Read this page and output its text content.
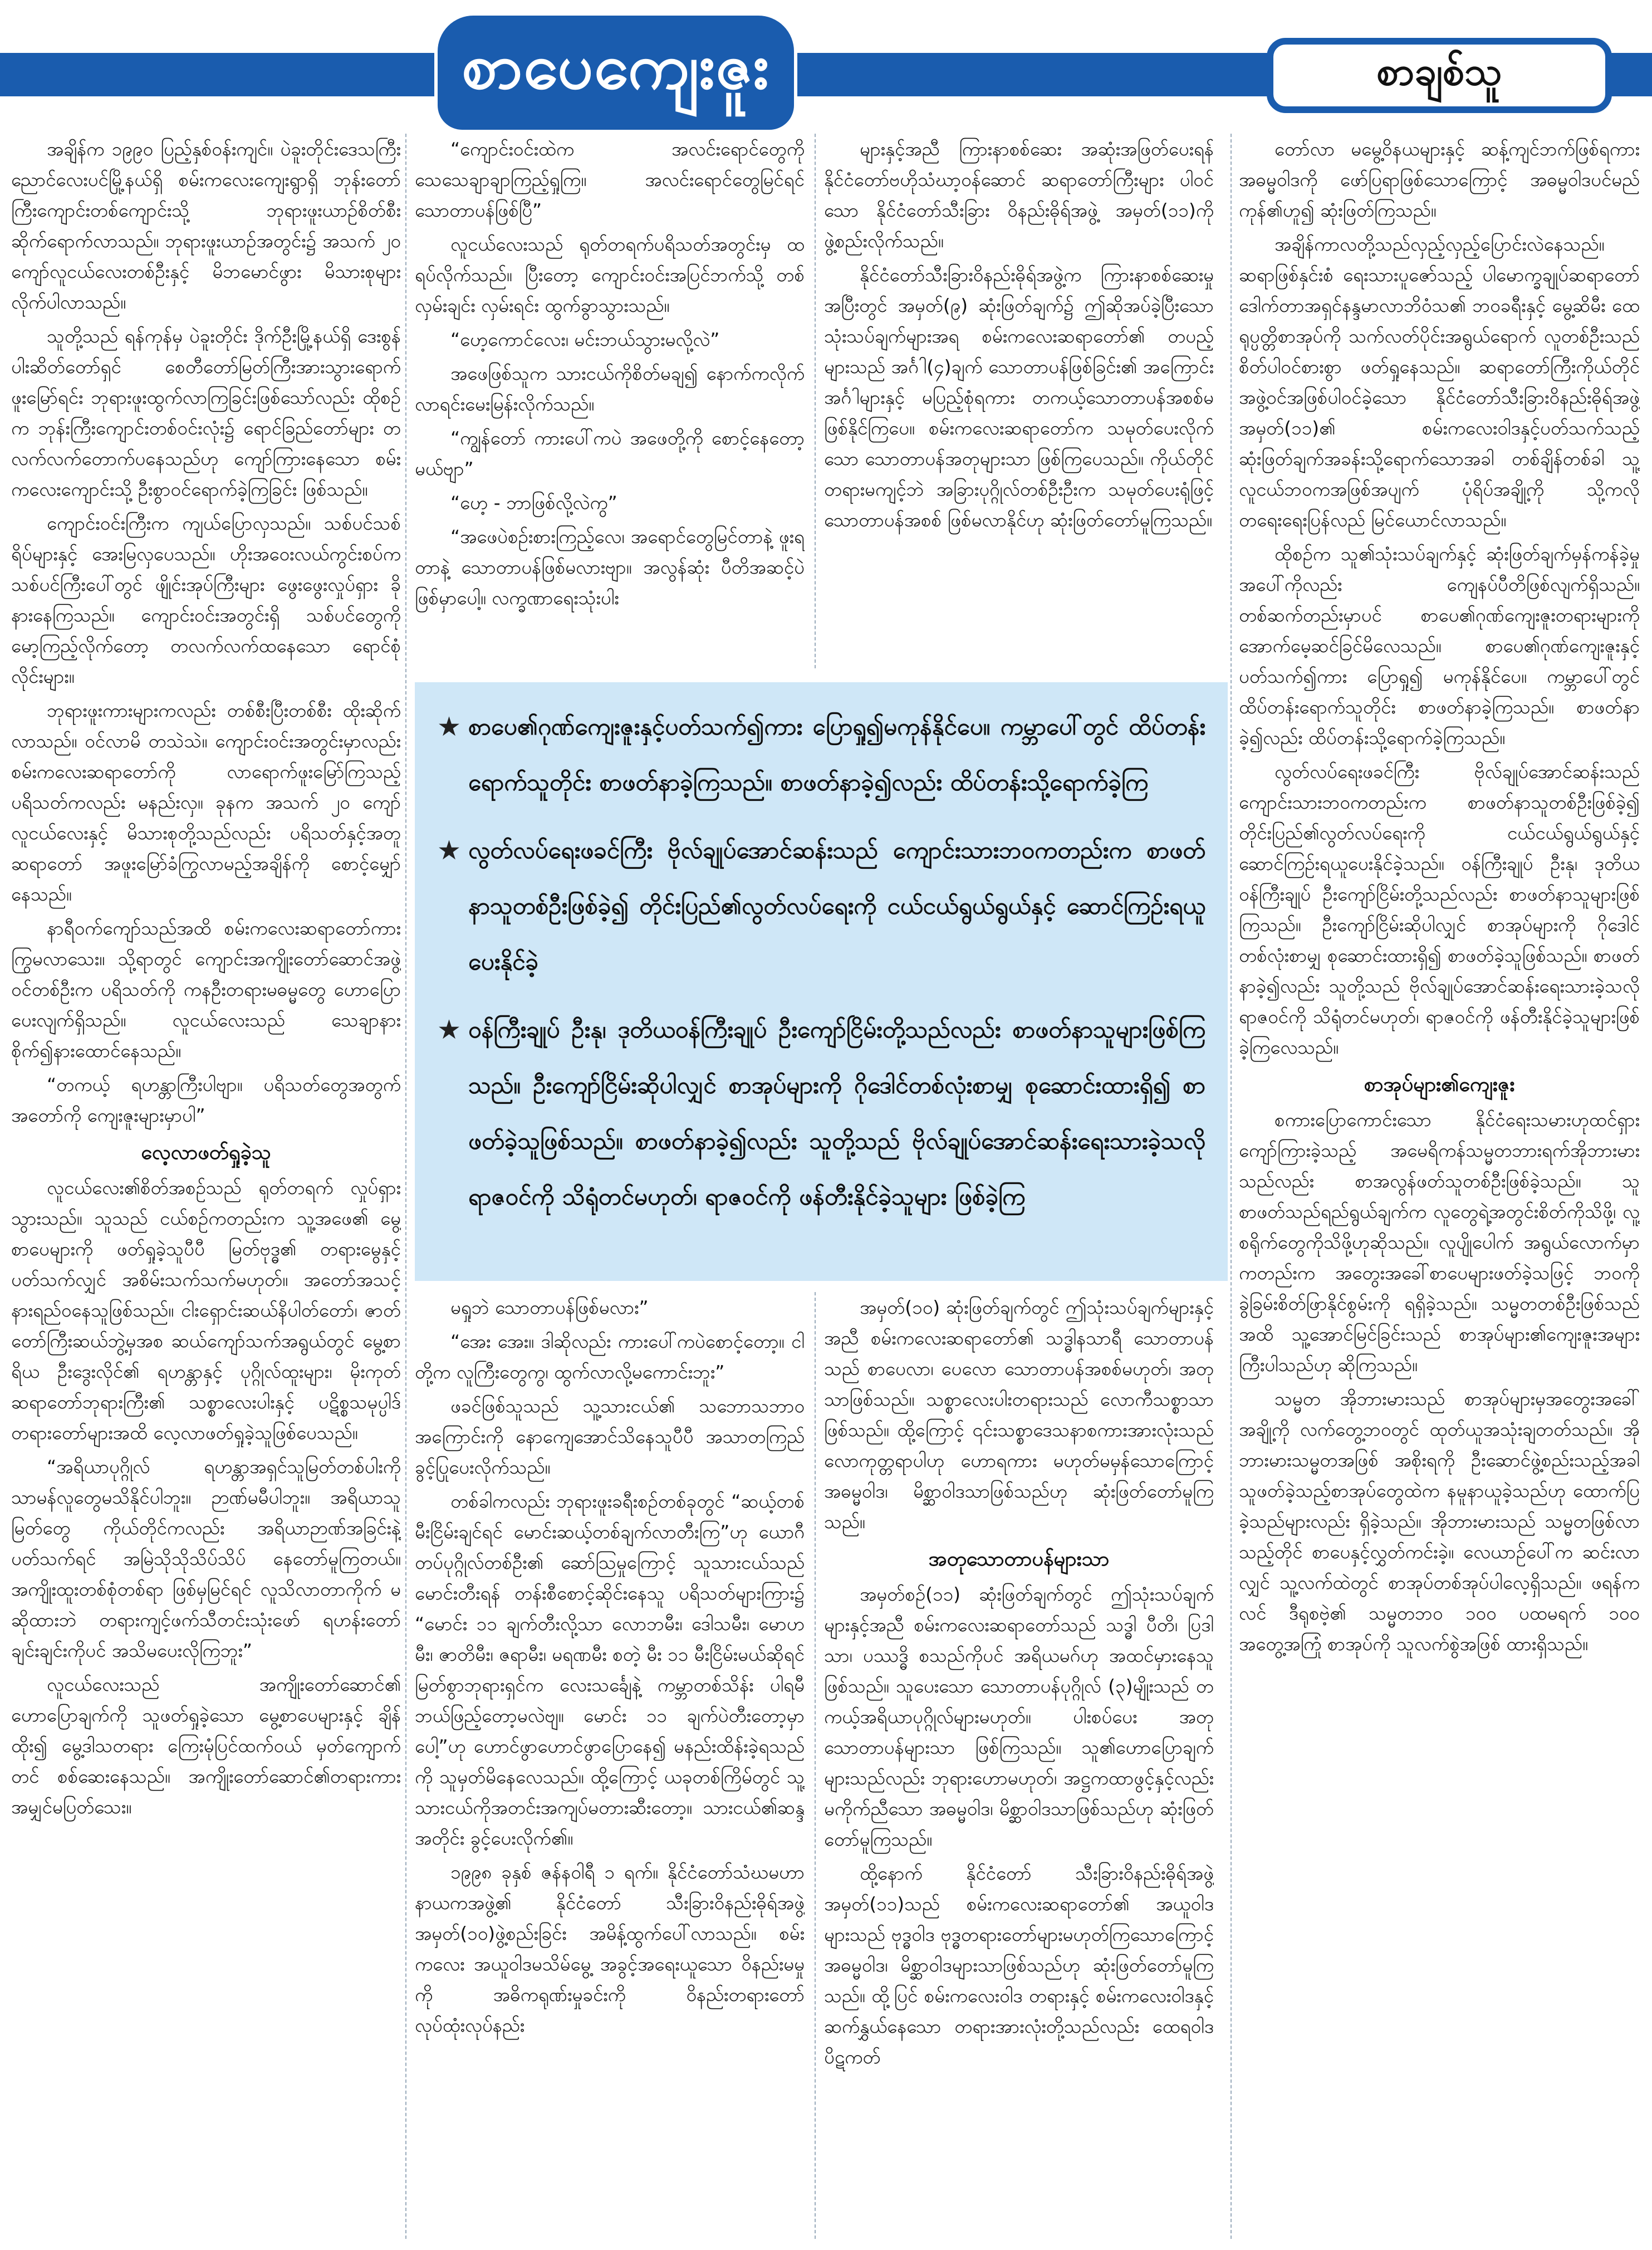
စာပေကျေးဇူး	စာချစ်သူ

အချိန်က ၁၉၉၀ ပြည့်နှစ်ဝန်းကျင်။ ပဲခူးတိုင်းဒေသကြီး ညောင်လေးပင်မြို့နယ်ရှိ စမ်းကလေးကျေးရွာရှိ ဘုန်းတော်ကြီးကျောင်းတစ်ကျောင်းသို့ ဘုရားဖူးယာဉ်စိတ်စီးဆိုက်ရောက်လာသည်။ ဘုရားဖူးယာဉ်အတွင်း၌ အသက် ၂၀ ကျော်လူငယ်လေးတစ်ဦးနှင့် မိဘမောင်ဖွား မိသားစုများ လိုက်ပါလာသည်။

သူတို့သည် ရန်ကုန်မှ ပဲခူးတိုင်း ဒိုက်ဦးမြို့နယ်ရှိ ဒေးစွန်ပါးဆိတ်တော်ရှင် စေတီတော်မြတ်ကြီးအားသွားရောက်ဖူးမြော်ရင်း ဘုရားဖူးထွက်လာကြခြင်းဖြစ်သော်လည်း ထိုစဉ်က ဘုန်းကြီးကျောင်းတစ်ဝင်းလုံး၌ ရောင်ခြည်တော်များ တလက်လက်တောက်ပနေသည်ဟု ကျော်ကြားနေသော စမ်းကလေးကျောင်းသို့ ဦးစွာဝင်ရောက်ခဲ့ကြခြင်း ဖြစ်သည်။

ကျောင်းဝင်းကြီးက ကျယ်ပြောလှသည်။ သစ်ပင်သစ်ရိပ်များနှင့် အေးမြလှပေသည်။ ဟိုးအဝေးလယ်ကွင်းစပ်က သစ်ပင်ကြီးပေါ်တွင် ဖျိုင်းအုပ်ကြီးများ ဖွေးဖွေးလှုပ်ရှား ခိုနားနေကြသည်။ ကျောင်းဝင်းအတွင်းရှိ သစ်ပင်တွေကို မော့ကြည့်လိုက်တော့ တလက်လက်ထနေသော ရောင်စုံလိုင်းများ။

ဘုရားဖူးကားများကလည်း တစ်စီးပြီးတစ်စီး ထိုးဆိုက်လာသည်။ ဝင်လာမိ တသဲသဲ။ ကျောင်းဝင်းအတွင်းမှာလည်း စမ်းကလေးဆရာတော်ကို လာရောက်ဖူးမြော်ကြသည့် ပရိသတ်ကလည်း မနည်းလှ။ ခုနက အသက် ၂၀ ကျော် လူငယ်လေးနှင့် မိသားစုတို့သည်လည်း ပရိသတ်နှင့်အတူ ဆရာတော် အဖူးမြော်ခံကြွလာမည့်အချိန်ကို စောင့်မျှော်နေသည်။

နာရီဝက်ကျော်သည်အထိ စမ်းကလေးဆရာတော်ကား ကြွမလာသေး။ သို့ရာတွင် ကျောင်းအကျိုးတော်ဆောင်အဖွဲ့ဝင်တစ်ဦးက ပရိသတ်ကို ကနဦးတရားမဓမ္မတွေ ဟောပြောပေးလျက်ရှိသည်။ လူငယ်လေးသည် သေချာနားစိုက်၍နားထောင်နေသည်။

“တကယ့် ရဟန္တာကြီးပါဗျာ။ ပရိသတ်တွေအတွက် အတော်ကို ကျေးဇူးများမှာပါ”

လေ့လာဖတ်ရှုခဲ့သူ

လူငယ်လေး၏စိတ်အစဉ်သည် ရုတ်တရက် လှုပ်ရှားသွားသည်။ သူသည် ငယ်စဉ်ကတည်းက သူ့အဖေ၏ မွေ့စာပေများကို ဖတ်ရှုခဲ့သူပီပီ မြတ်ဗုဒ္ဓ၏ တရားမွေနှင့်ပတ်သက်လျှင် အစိမ်းသက်သက်မဟုတ်။ အတော်အသင့် နားရည်ဝနေသူဖြစ်သည်။ ငါးရှောင်းဆယ်နိပါတ်တော်၊ ဇာတ်တော်ကြီးဆယ်ဘွဲ့မှအစ ဆယ်ကျော်သက်အရွယ်တွင် မွေ့စာရိယ ဦးဒွေးလိုင်၏ ရဟန္တာနှင့် ပုဂ္ဂိုလ်ထူးများ၊ မိုးကုတ်ဆရာတော်ဘုရားကြီး၏ သစ္စာလေးပါးနှင့် ပဋိစ္စသမုပ္ပါဒ်တရားတော်များအထိ လေ့လာဖတ်ရှုခဲ့သူဖြစ်ပေသည်။

“အရိယာပုဂ္ဂိုလ် ရဟန္တာအရှင်သူမြတ်တစ်ပါးကို သာမန်လူတွေမသိနိုင်ပါဘူး။ ဉာဏ်မမီပါဘူး။ အရိယာသူမြတ်တွေ ကိုယ်တိုင်ကလည်း အရိယာဉာဏ်အခြင်းနဲ့ပတ်သက်ရင် အမြဲသိုသိုသိပ်သိပ် နေတော်မူကြတယ်။ အကျိုးထူးတစ်စုံတစ်ရာ ဖြစ်မှမြင်ရင် လူသိလာတာကိုက် မဆိုထားဘဲ တရားကျင့်ဖက်သီတင်းသုံးဖော် ရဟန်းတော်ချင်းချင်းကိုပင် အသိမပေးလိုကြဘူး”

လူငယ်လေးသည် အကျိုးတော်ဆောင်၏ ဟောပြောချက်ကို သူဖတ်ရှုခဲ့သော မွေ့စာပေများနှင့် ချိန်ထိုး၍ မွေ့ဒါသတရား ကြေးမုံပြင်ထက်ဝယ် မှတ်ကျောက်တင် စစ်ဆေးနေသည်။ အကျိုးတော်ဆောင်၏တရားကား အမျှင်မပြတ်သေး။

“ကျောင်းဝင်းထဲက အလင်းရောင်တွေကို သေသေချာချာကြည့်ရှုကြ။ အလင်းရောင်တွေမြင်ရင် သောတာပန်ဖြစ်ပြီ”

လူငယ်လေးသည် ရုတ်တရက်ပရိသတ်အတွင်းမှ ထရပ်လိုက်သည်။ ပြီးတော့ ကျောင်းဝင်းအပြင်ဘက်သို့ တစ်လှမ်းချင်း လှမ်းရင်း ထွက်ခွာသွားသည်။

“ဟေ့ကောင်လေး၊ မင်းဘယ်သွားမလို့လဲ”

အဖေဖြစ်သူက သားငယ်ကိုစိတ်မချ၍ နောက်ကလိုက်လာရင်းမေးမြန်းလိုက်သည်။

“ကျွန်တော် ကားပေါ်ကပဲ အဖေတို့ကို စောင့်နေတော့မယ်ဗျာ”

“ဟေ့ - ဘာဖြစ်လို့လဲကွ”

“အဖေပဲစဉ်းစားကြည့်လေ၊ အရောင်တွေမြင်တာနဲ့ ဖူးရတာနဲ့ သောတာပန်ဖြစ်မလားဗျာ။ အလွန်ဆုံး ပီတိအဆင့်ပဲဖြစ်မှာပေါ့။ လက္ခဏာရေးသုံးပါး

များနှင့်အညီ ကြားနာစစ်ဆေး အဆုံးအဖြတ်ပေးရန် နိုင်ငံတော်ဗဟိုသံဃာ့ဝန်ဆောင် ဆရာတော်ကြီးများ ပါဝင်သော နိုင်ငံတော်သီးခြား ဝိနည်းဓိုရ်အဖွဲ့ အမှတ်(၁၁)ကို ဖွဲ့စည်းလိုက်သည်။

နိုင်ငံတော်သီးခြားဝိနည်းဓိုရ်အဖွဲ့က ကြားနာစစ်ဆေးမှုအပြီးတွင် အမှတ်(၉) ဆုံးဖြတ်ချက်၌ ဤဆိုအပ်ခဲ့ပြီးသော သုံးသပ်ချက်များအရ စမ်းကလေးဆရာတော်၏ တပည့်များသည် အင်္ဂါ(၄)ချက် သောတာပန်ဖြစ်ခြင်း၏ အကြောင်းအင်္ဂါများနှင့် မပြည့်စုံရကား တကယ့်သောတာပန်အစစ်မဖြစ်နိုင်ကြပေ။ စမ်းကလေးဆရာတော်က သမုတ်ပေးလိုက်သော သောတာပန်အတုများသာ ဖြစ်ကြပေသည်။ ကိုယ်တိုင်တရားမကျင့်ဘဲ အခြားပုဂ္ဂိုလ်တစ်ဦးဦးက သမုတ်ပေးရုံဖြင့် သောတာပန်အစစ် ဖြစ်မလာနိုင်ဟု ဆုံးဖြတ်တော်မူကြသည်။

တော်လာ မမွေ့ဝိနယများနှင့် ဆန့်ကျင်ဘက်ဖြစ်ရကား အဓမ္မဝါဒကို ဖော်ပြရာဖြစ်သောကြောင့် အဓမ္မဝါဒပင်မည်ကုန်၏ဟူ၍ ဆုံးဖြတ်ကြသည်။

အချိန်ကာလတို့သည်လှည့်လှည့်ပြောင်းလဲနေသည်။ ဆရာဖြစ်နှင်းစံ ရေးသားပူဇော်သည့် ပါမောက္ခချုပ်ဆရာတော် ဒေါက်တာအရှင်နန္ဒမာလာဘိဝံသ၏ ဘဝခရီးနှင့် မွေ့ဆိမီး ထေရုပ္ပတ္တိစာအုပ်ကို သက်လတ်ပိုင်းအရွယ်ရောက် လူတစ်ဦးသည်စိတ်ပါဝင်စားစွာ ဖတ်ရှုနေသည်။ ဆရာတော်ကြီးကိုယ်တိုင် အဖွဲ့ဝင်အဖြစ်ပါဝင်ခဲ့သော နိုင်ငံတော်သီးခြားဝိနည်းဓိုရ်အဖွဲ့ အမှတ်(၁၁)၏ စမ်းကလေးဝါဒနှင့်ပတ်သက်သည့် ဆုံးဖြတ်ချက်အခန်းသို့ရောက်သောအခါ တစ်ချိန်တစ်ခါ သူ့လူငယ်ဘဝကအဖြစ်အပျက် ပုံရိပ်အချို့ကို သို့ကလို တရေးရေးပြန်လည် မြင်ယောင်လာသည်။

ထိုစဉ်က သူ၏သုံးသပ်ချက်နှင့် ဆုံးဖြတ်ချက်မှန်ကန်ခဲ့မှုအပေါ်ကိုလည်း ကျေနပ်ပီတိဖြစ်လျက်ရှိသည်။ တစ်ဆက်တည်းမှာပင် စာပေ၏ဂုဏ်ကျေးဇူးတရားများကို အောက်မေ့ဆင်ခြင်မိလေသည်။ စာပေ၏ဂုဏ်ကျေးဇူးနှင့်ပတ်သက်၍ကား ပြောရှု၍ မကုန်နိုင်ပေ။ ကမ္ဘာပေါ်တွင် ထိပ်တန်းရောက်သူတိုင်း စာဖတ်နာခဲ့ကြသည်။ စာဖတ်နာခဲ့၍လည်း ထိပ်တန်းသို့ရောက်ခဲ့ကြသည်။

လွတ်လပ်ရေးဖခင်ကြီး ဗိုလ်ချုပ်အောင်ဆန်းသည် ကျောင်းသားဘဝကတည်းက စာဖတ်နာသူတစ်ဦးဖြစ်ခဲ့၍ တိုင်းပြည်၏လွတ်လပ်ရေးကို ငယ်ငယ်ရွယ်ရွယ်နှင့် ဆောင်ကြဉ်းရယူပေးနိုင်ခဲ့သည်။ ဝန်ကြီးချုပ် ဦးနု၊ ဒုတိယဝန်ကြီးချုပ် ဦးကျော်ငြိမ်းတို့သည်လည်း စာဖတ်နာသူများဖြစ်ကြသည်။ ဦးကျော်ငြိမ်းဆိုပါလျှင် စာအုပ်များကို ဂိုဒေါင်တစ်လုံးစာမျှ စုဆောင်းထားရှိ၍ စာဖတ်ခဲ့သူဖြစ်သည်။ စာဖတ်နာခဲ့၍လည်း သူတို့သည် ဗိုလ်ချုပ်အောင်ဆန်းရေးသားခဲ့သလို ရာဇဝင်ကို သိရုံတင်မဟုတ်၊ ရာဇဝင်ကို ဖန်တီးနိုင်ခဲ့သူများဖြစ်ခဲ့ကြလေသည်။

စာအုပ်များ၏ကျေးဇူး

စကားပြောကောင်းသော နိုင်ငံရေးသမားဟုထင်ရှားကျော်ကြားခဲ့သည့် အမေရိကန်သမ္မတဘားရက်အိုဘားမားသည်လည်း စာအလွန်ဖတ်သူတစ်ဦးဖြစ်ခဲ့သည်။ သူစာဖတ်သည်ရည်ရွယ်ချက်က လူတွေရဲ့အတွင်းစိတ်ကိုသိဖို့၊ လူ့စရိုက်တွေကိုသိဖို့ဟုဆိုသည်။ လူပျိုပေါက် အရွယ်လောက်မှာကတည်းက အတွေးအခေါ်စာပေများဖတ်ခဲ့သဖြင့် ဘဝကို ခွဲခြမ်းစိတ်ဖြာနိုင်စွမ်းကို ရရှိခဲ့သည်။ သမ္မတတစ်ဦးဖြစ်သည်အထိ သူ့အောင်မြင်ခြင်းသည် စာအုပ်များ၏ကျေးဇူးအများကြီးပါသည်ဟု ဆိုကြသည်။

သမ္မတ အိုဘားမားသည် စာအုပ်များမှအတွေးအခေါ်အချို့ကို လက်တွေ့ဘဝတွင် ထုတ်ယူအသုံးချတတ်သည်။ အိုဘားမားသမ္မတအဖြစ် အစိုးရကို ဦးဆောင်ဖွဲ့စည်းသည့်အခါ သူဖတ်ခဲ့သည့်စာအုပ်တွေထဲက နမူနာယူခဲ့သည်ဟု ထောက်ပြခဲ့သည်များလည်း ရှိခဲ့သည်။ အိုဘားမားသည် သမ္မတဖြစ်လာသည့်တိုင် စာပေနှင့်လွှတ်ကင်းခဲ့။ လေယာဉ်ပေါ်က ဆင်းလာလျှင် သူ့လက်ထဲတွင် စာအုပ်တစ်အုပ်ပါလေ့ရှိသည်။ ဖရန်ကလင် ဒီရုစဗဲ့၏ သမ္မတဘဝ ၁၀၀ ပထမရက် ၁၀၀ အတွေ့အကြုံ စာအုပ်ကို သူလက်စွဲအဖြစ် ထားရှိသည်။

★ စာပေ၏ဂုဏ်ကျေးဇူးနှင့်ပတ်သက်၍ကား ပြောရှု၍မကုန်နိုင်ပေ။ ကမ္ဘာပေါ်တွင် ထိပ်တန်းရောက်သူတိုင်း စာဖတ်နာခဲ့ကြသည်။ စာဖတ်နာခဲ့၍လည်း ထိပ်တန်းသို့ရောက်ခဲ့ကြ
★ လွတ်လပ်ရေးဖခင်ကြီး ဗိုလ်ချုပ်အောင်ဆန်းသည် ကျောင်းသားဘဝကတည်းက စာဖတ်နာသူတစ်ဦးဖြစ်ခဲ့၍ တိုင်းပြည်၏လွတ်လပ်ရေးကို ငယ်ငယ်ရွယ်ရွယ်နှင့် ဆောင်ကြဉ်းရယူပေးနိုင်ခဲ့
★ ဝန်ကြီးချုပ် ဦးနု၊ ဒုတိယဝန်ကြီးချုပ် ဦးကျော်ငြိမ်းတို့သည်လည်း စာဖတ်နာသူများဖြစ်ကြသည်။ ဦးကျော်ငြိမ်းဆိုပါလျှင် စာအုပ်များကို ဂိုဒေါင်တစ်လုံးစာမျှ စုဆောင်းထားရှိ၍ စာဖတ်ခဲ့သူဖြစ်သည်။ စာဖတ်နာခဲ့၍လည်း သူတို့သည် ဗိုလ်ချုပ်အောင်ဆန်းရေးသားခဲ့သလို ရာဇဝင်ကို သိရုံတင်မဟုတ်၊ ရာဇဝင်ကို ဖန်တီးနိုင်ခဲ့သူများ ဖြစ်ခဲ့ကြ

မရှုဘဲ သောတာပန်ဖြစ်မလား”

“အေး အေး။ ဒါဆိုလည်း ကားပေါ်ကပဲစောင့်တော့။ ငါတို့က လူကြီးတွေကွ၊ ထွက်လာလို့မကောင်းဘူး”

ဖခင်ဖြစ်သူသည် သူ့သားငယ်၏ သဘောသဘာဝအကြောင်းကို နောကျေအောင်သိနေသူပီပီ အသာတကြည် ခွင့်ပြုပေးလိုက်သည်။

တစ်ခါကလည်း ဘုရားဖူးခရီးစဉ်တစ်ခုတွင် “ဆယ့်တစ်မီးငြိမ်းချင်ရင် မောင်းဆယ့်တစ်ချက်လာတီးကြ”ဟု ယောဂီတပ်ပုဂ္ဂိုလ်တစ်ဦး၏ ဆော်ဩမှုကြောင့် သူသားငယ်သည် မောင်းတီးရန် တန်းစီစောင့်ဆိုင်းနေသူ ပရိသတ်များကြား၌ “မောင်း ၁၁ ချက်တီးလို့သာ လောဘမီး၊ ဒေါသမီး၊ မောဟမီး၊ ဇာတိမီး၊ ဇရာမီး၊ မရဏမီး စတဲ့ မီး ၁၁ မီးငြိမ်းမယ်ဆိုရင် မြတ်စွာဘုရားရှင်က လေးသင်္ချေနဲ့ ကမ္ဘာတစ်သိန်း ပါရမီ ဘယ်ဖြည့်တော့မလဲဗျ။ မောင်း ၁၁ ချက်ပဲတီးတော့မှာပေါ့”ဟု ဟောင်ဖွာဟောင်ဖွာပြောနေ၍ မနည်းထိန်းခဲ့ရသည်ကို သူမှတ်မိနေလေသည်။ ထို့ကြောင့် ယခုတစ်ကြိမ်တွင် သူ့သားငယ်ကိုအတင်းအကျပ်မတားဆီးတော့။ သားငယ်၏ဆန္ဒအတိုင်း ခွင့်ပေးလိုက်၏။

၁၉၉၈ ခုနှစ် ဇန်နဝါရီ ၁ ရက်။ နိုင်ငံတော်သံဃမဟာနာယကအဖွဲ့၏ နိုင်ငံတော် သီးခြားဝိနည်းဓိုရ်အဖွဲ့ အမှတ်(၁၀)ဖွဲ့စည်းခြင်း အမိန့်ထွက်ပေါ်လာသည်။ စမ်းကလေး အယူဝါဒမသိမ်မွေ့ အခွင့်အရေးယူသော ဝိနည်းမမှုကို အဓိကရုဏ်းမှုခင်းကို ဝိနည်းတရားတော် လုပ်ထုံးလုပ်နည်း

အမှတ်(၁၀) ဆုံးဖြတ်ချက်တွင် ဤသုံးသပ်ချက်များနှင့်အညီ စမ်းကလေးဆရာတော်၏ သဒ္ဓါနသာရီ သောတာပန်သည် စာပေလာ၊ ပေလော သောတာပန်အစစ်မဟုတ်၊ အတုသာဖြစ်သည်။ သစ္စာလေးပါးတရားသည် လောကီသစ္စာသာဖြစ်သည်။ ထို့ကြောင့် ၎င်းသစ္စာဒေသနာစကားအားလုံးသည် လောကုတ္တရာပါဟု ဟောရကား မဟုတ်မမှန်သောကြောင့် အဓမ္မဝါဒ၊ မိစ္ဆာဝါဒသာဖြစ်သည်ဟု ဆုံးဖြတ်တော်မူကြသည်။

အတုသောတာပန်များသာ

အမှတ်စဉ်(၁၁) ဆုံးဖြတ်ချက်တွင် ဤသုံးသပ်ချက်များနှင့်အညီ စမ်းကလေးဆရာတော်သည် သဒ္ဓါ ပီတိ၊ ပြဒါသာ၊ ပဿဒ္ဓိ စသည်ကိုပင် အရိယမဂ်ဟု အထင်မှားနေသူဖြစ်သည်။ သူပေးသော သောတာပန်ပုဂ္ဂိုလ် (၃)မျိုးသည် တကယ့်အရိယာပုဂ္ဂိုလ်များမဟုတ်။ ပါးစပ်ပေး အတုသောတာပန်များသာ ဖြစ်ကြသည်။ သူ၏ဟောပြောချက်များသည်လည်း ဘုရားဟောမဟုတ်၊ အဋ္ဌကထာဖွင့်နှင့်လည်း မကိုက်ညီသော အဓမ္မဝါဒ၊ မိစ္ဆာဝါဒသာဖြစ်သည်ဟု ဆုံးဖြတ်တော်မူကြသည်။

ထို့နောက် နိုင်ငံတော် သီးခြားဝိနည်းဓိုရ်အဖွဲ့ အမှတ်(၁၁)သည် စမ်းကလေးဆရာတော်၏ အယူဝါဒများသည် ဗုဒ္ဓဝါဒ ဗုဒ္ဓတရားတော်များမဟုတ်ကြသောကြောင့် အဓမ္မဝါဒ၊ မိစ္ဆာဝါဒများသာဖြစ်သည်ဟု ဆုံးဖြတ်တော်မူကြသည်။ ထို့ပြင် စမ်းကလေးဝါဒ တရားနှင့် စမ်းကလေးဝါဒနှင့်ဆက်နွှယ်နေသော တရားအားလုံးတို့သည်လည်း ထေရဝါဒ ပိဋကတ်
